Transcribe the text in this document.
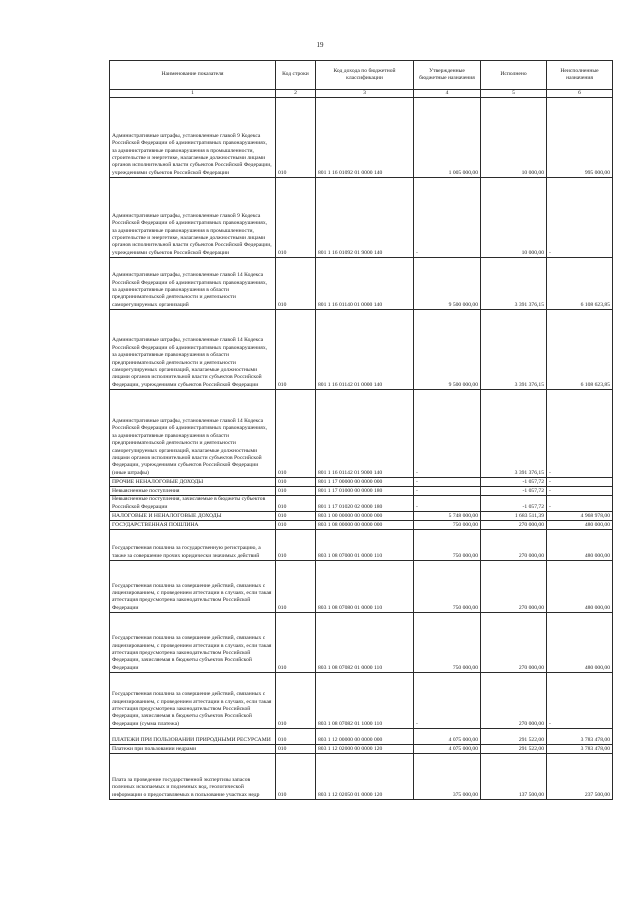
19
Наименование показателя	Код строки	Код дохода по бюджетной классификации	Утвержденные бюджетные назначения	Исполнено	Неисполненные назначения
1	2	3	4	5	6
Административные штрафы, установленные главой 9 Кодекса Российской Федерации об административных правонарушениях, за административные правонарушения в промышленности, строительстве и энергетике, налагаемые должностными лицами органов исполнительной власти субъектов Российской Федерации, учреждениями субъектов Российской Федерации	010	801 1 16 01092 01 0000 140	1 005 000,00	10 000,00	995 000,00
Административные штрафы, установленные главой 9 Кодекса Российской Федерации об административных правонарушениях, за административные правонарушения в промышленности, строительстве и энергетике, налагаемые должностными лицами органов исполнительной власти субъектов Российской Федерации, учреждениями субъектов Российской Федерации	010	801 1 16 01092 01 9000 140	-	10 000,00	-
Административные штрафы, установленные главой 14 Кодекса Российской Федерации об административных правонарушениях, за административные правонарушения в области предпринимательской деятельности и деятельности саморегулируемых организаций	010	801 1 16 01140 01 0000 140	9 500 000,00	3 391 376,15	6 108 623,85
Административные штрафы, установленные главой 14 Кодекса Российской Федерации об административных правонарушениях, за административные правонарушения в области предпринимательской деятельности и деятельности саморегулируемых организаций, налагаемые должностными лицами органов исполнительной власти субъектов Российской Федерации, учреждениями субъектов Российской Федерации	010	801 1 16 01142 01 0000 140	9 500 000,00	3 391 376,15	6 108 623,85
Административные штрафы, установленные главой 14 Кодекса Российской Федерации об административных правонарушениях, за административные правонарушения в области предпринимательской деятельности и деятельности саморегулируемых организаций, налагаемые должностными лицами органов исполнительной власти субъектов Российской Федерации, учреждениями субъектов Российской Федерации (иные штрафы)	010	801 1 16 01142 01 9000 140	-	3 391 376,15	-
ПРОЧИЕ НЕНАЛОГОВЫЕ ДОХОДЫ	010	801 1 17 00000 00 0000 000	-	-1 057,72	-
Невыясненные поступления	010	801 1 17 01000 00 0000 180	-	-1 057,72	-
Невыясненные поступления, зачисляемые в бюджеты субъектов Российской Федерации	010	801 1 17 01020 02 0000 180	-	-1 057,72	-
НАЛОГОВЫЕ И НЕНАЛОГОВЫЕ ДОХОДЫ	010	803 1 00 00000 00 0000 000	5 748 000,00	1 683 511,39	4 968 978,00
ГОСУДАРСТВЕННАЯ ПОШЛИНА	010	803 1 08 00000 00 0000 000	750 000,00	270 000,00	480 000,00
Государственная пошлина за государственную регистрацию, а также за совершение прочих юридически значимых действий	010	803 1 08 07000 01 0000 110	750 000,00	270 000,00	480 000,00
Государственная пошлина за совершение действий, связанных с лицензированием, с проведением аттестации в случаях, если такая аттестация предусмотрена законодательством Российской Федерации	010	803 1 08 07080 01 0000 110	750 000,00	270 000,00	480 000,00
Государственная пошлина за совершение действий, связанных с лицензированием, с проведением аттестации в случаях, если такая аттестация предусмотрена законодательством Российской Федерации, зачисляемая в бюджеты субъектов Российской Федерации	010	803 1 08 07082 01 0000 110	750 000,00	270 000,00	480 000,00
Государственная пошлина за совершение действий, связанных с лицензированием, с проведением аттестации в случаях, если такая аттестация предусмотрена законодательством Российской Федерации, зачисляемая в бюджеты субъектов Российской Федерации (сумма платежа)	010	803 1 08 07082 01 1000 110	-	270 000,00	-
ПЛАТЕЖИ ПРИ ПОЛЬЗОВАНИИ ПРИРОДНЫМИ РЕСУРСАМИ	010	803 1 12 00000 00 0000 000	4 075 000,00	291 522,00	3 783 478,00
Платежи при пользовании недрами	010	803 1 12 02000 00 0000 120	4 075 000,00	291 522,00	3 783 478,00
Плата за проведение государственной экспертизы запасов полезных ископаемых и подземных вод, геологической информации о предоставляемых в пользование участках недр	010	803 1 12 02050 01 0000 120	375 000,00	137 500,00	237 500,00
